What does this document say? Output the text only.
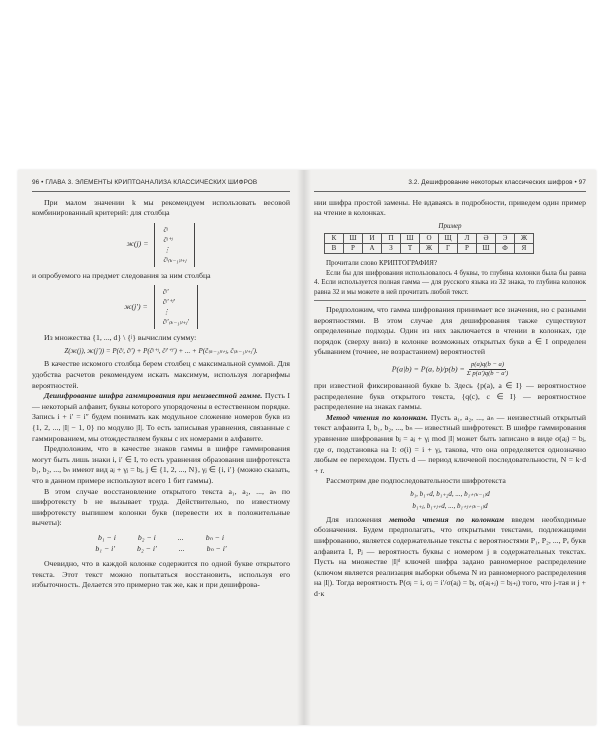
96 • ГЛАВА 3. ЭЛЕМЕНТЫ КРИПТОАНАЛИЗА КЛАССИЧЕСКИХ ШИФРОВ

При малом значении k мы рекомендуем использовать весовой комбинированный критерий: для столбца

ж(j) =
ĉʲ
ĉʲ⁺ʲ
⋮
ĉʲ₍ₖ₋₁₎ₗ₊ⱼ

и опробуемого на предмет следования за ним столбца

ж(j′) =
ĉʲ′
ĉʲ′⁺ʲ′
⋮
ĉʲ′₍ₖ₋₁₎ₗ₊ⱼ′

Из множества {1, ..., d} \ {ʲ} вычислим сумму:

Z(ж(j), ж(j′)) = P(ĉʲ, ĉʲ′) + P(ĉʲ⁺ʲ, ĉʲ′⁺ʲ′) + ... + P(ĉ₍ₖ₋₁₎ₗ₊ⱼ, ĉ₍ₖ₋₁₎ₗ₊ⱼ′).

В качестве искомого столбца берем столбец с максимальной суммой. Для удобства расчетов рекомендуем искать максимум, используя логарифмы вероятностей.

Дешифрование шифра гаммирования при неизвестной гамме. Пусть I — некоторый алфавит, буквы которого упорядочены в естественном порядке. Запись i + i′ = i″ будем понимать как модульное сложение номеров букв из {1, 2, ..., |I| − 1, 0} по модулю |I|. То есть записывая уравнения, связанные с гаммированием, мы отождествляем буквы с их номерами в алфавите.

Предположим, что в качестве знаков гаммы в шифре гаммирования могут быть лишь знаки i, i′ ∈ I, то есть уравнения образования шифротекста b₁, b₂, ..., bₙ имеют вид aⱼ + γⱼ = bⱼ, j ∈ {1, 2, ..., N}, γⱼ ∈ {i, i′} (можно сказать, что в данном примере используют всего 1 бит гаммы).

В этом случае восстановление открытого текста a₁, a₂, ..., aₙ по шифротексту b не вызывает труда. Действительно, по известному шифротексту выпишем колонки букв (перевести их в положительные вычеты):

b₁ − i	b₂ − i	...	bₙ − i
b₁ − i′	b₂ − i′	...	bₙ − i′

Очевидно, что в каждой колонке содержится по одной букве открытого текста. Этот текст можно попытаться восстановить, используя его избыточность. Делается это примерно так же, как и при дешифрова-

3.2. Дешифрование некоторых классических шифров • 97

нии шифра простой замены. Не вдаваясь в подробности, приведем один пример на чтение в колонках.

Пример
К	Ш	И	П	Ш	О	Щ	Л	Ә	Э	Ж
В	Р	А	З	Т	Ж	Г	Р	Ш	Ф	Я

Прочитали слово КРИПТОГРАФИЯ?

Если бы для шифрования использовалось 4 буквы, то глубина колонки была бы равна 4. Если используется полная гамма — для русского языка из 32 знака, то глубина колонок равна 32 и мы можете в ней прочитать любой текст.

Предположим, что гамма шифрования принимает все значения, но с разными вероятностями. В этом случае для дешифрования также существуют определенные подходы. Один из них заключается в чтении в колонках, где порядок (сверху вниз) в колонке возможных открытых букв a ∈ I определен убыванием (точнее, не возрастанием) вероятностей

P(a|b) = P(a, $b)/p(b) = \frac{p(a)q(b - a)}{\text{Σ p(a′)q(b − a′)}}$

при известной фиксированной букве b. Здесь {p(a), a ∈ I} — вероятностное распределение букв открытого текста, {q(c), c ∈ I} — вероятностное распределение на знаках гаммы.

Метод чтения по колонкам. Пусть a₁, a₂, ..., aₙ — неизвестный открытый текст алфавита I, b₁, b₂, ..., bₙ — известный шифротекст. В шифре гаммирования уравнение шифрования bⱼ = aⱼ + γⱼ mod |I| может быть записано в виде σ(aⱼ) = bⱼ, где σ, подстановка на I: σ(i) = i + γⱼ, такова, что она определяется однозначно любым ее переходом. Пусть d — период ключевой последовательности, N = k·d + r.

Рассмотрим две подпоследовательности шифротекста

b₁, b₁₊d, b₁₊₂d, ..., b₁₊₍ₖ₋₁₎d
b₁₊ⱼ, b₁₊ⱼ₊d, ..., b₁₊ⱼ₊₍ₖ₋₁₎d

Для изложения метода чтения по колонкам введем необходимые обозначения. Будем предполагать, что открытыми текстами, подлежащими шифрованию, является содержательные тексты с вероятностями P₁, P₂, ..., Pₑ букв алфавита I, Pⱼ — вероятность буквы с номером j в содержательных текстах. Пусть на множестве |I|ᵈ ключей шифра задано равномерное распределение (ключом является реализация выборки объема N из равномерного распределения на |I|). Тогда вероятность P(σⱼ = i, σⱼ = i′/σ(aⱼ) = bⱼ, σ(aⱼ₊ⱼ) = bⱼ₊ⱼ) того, что j-тая и j + d·к
